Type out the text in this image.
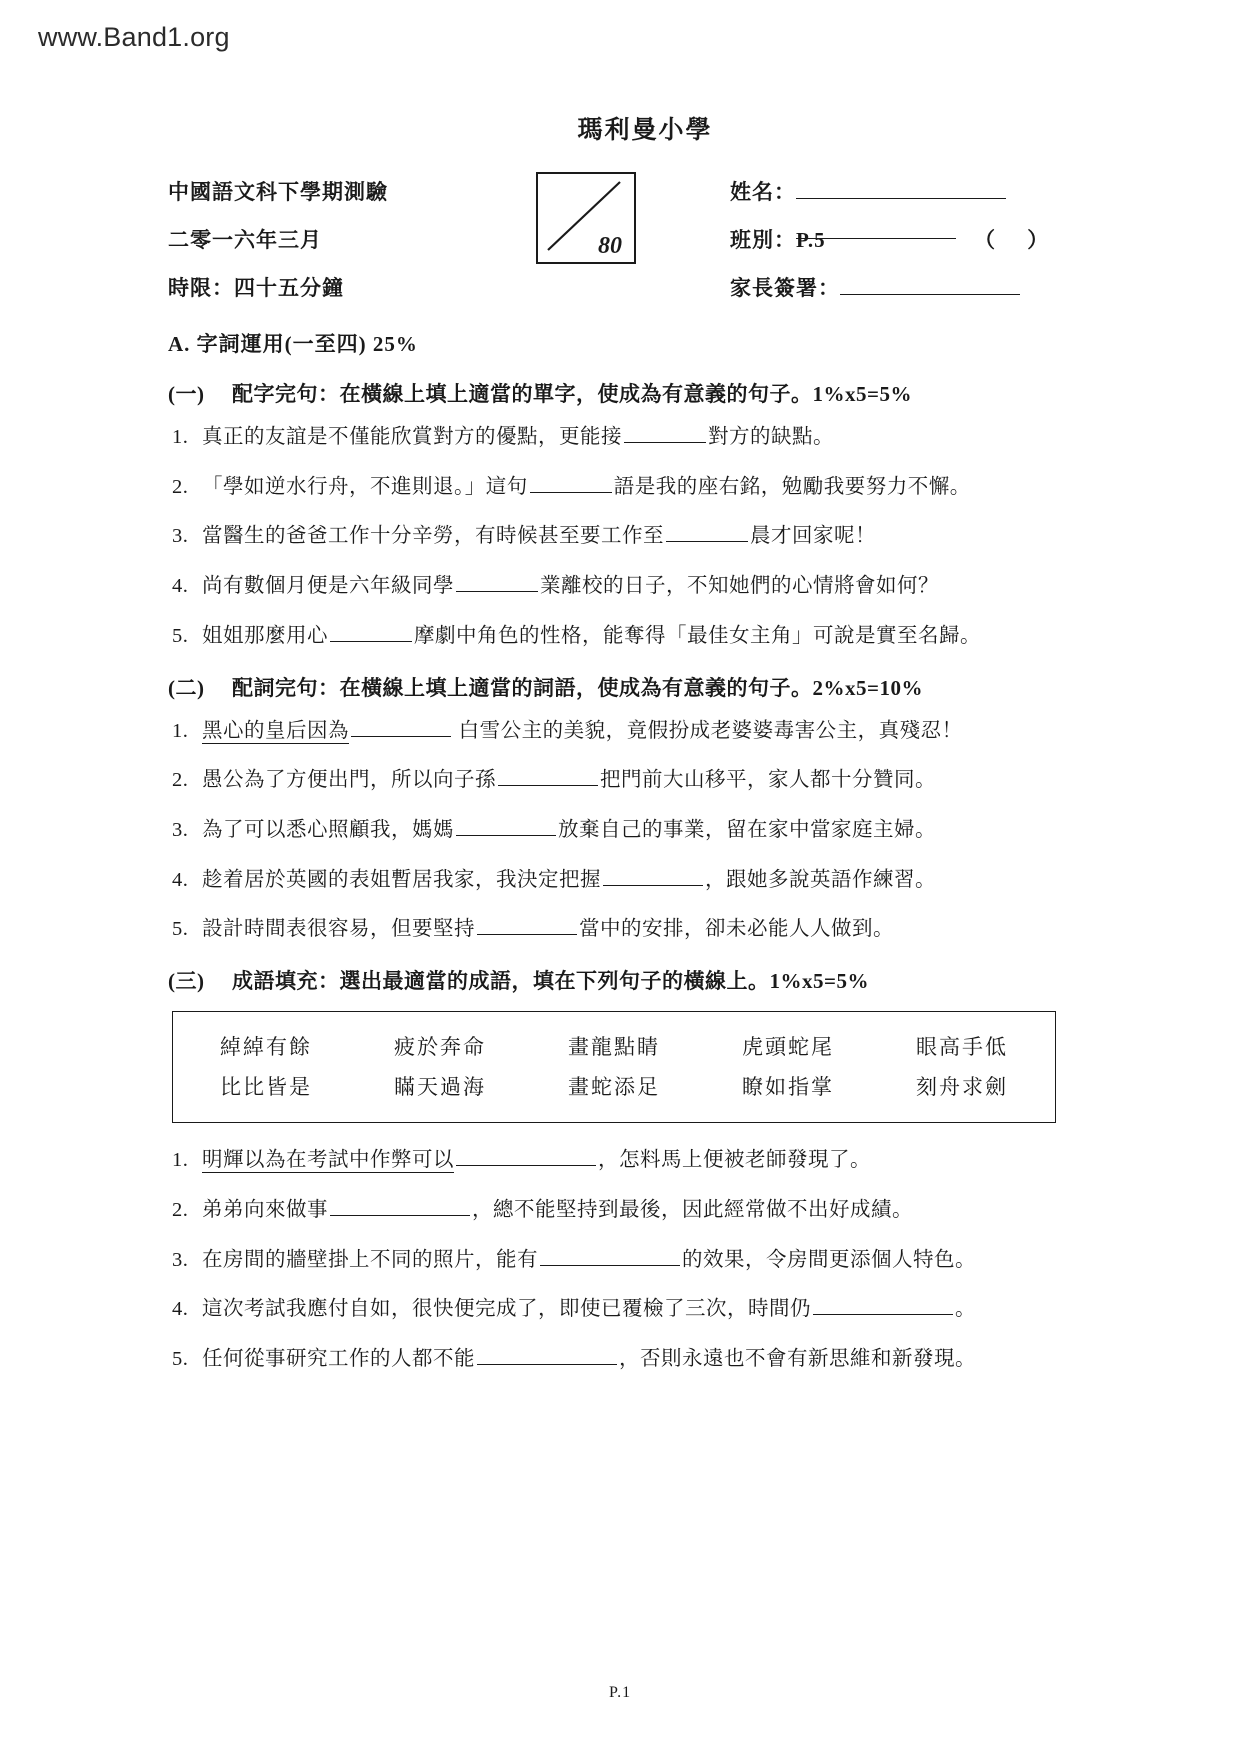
www.Band1.org
瑪利曼小學
中國語文科下學期測驗
二零一六年三月
時限：四十五分鐘
80
姓名：
班別： P.5	（     ）
家長簽署：
A. 字詞運用(一至四) 25%
(一) 配字完句：在橫線上填上適當的單字，使成為有意義的句子。1%x5=5%
1. 真正的友誼是不僅能欣賞對方的優點，更能接	對方的缺點。
2. 「學如逆水行舟，不進則退。」這句	語是我的座右銘，勉勵我要努力不懈。
3. 當醫生的爸爸工作十分辛勞，有時候甚至要工作至	晨才回家呢！
4. 尚有數個月便是六年級同學	業離校的日子，不知她們的心情將會如何？
5. 姐姐那麼用心	摩劇中角色的性格，能奪得「最佳女主角」可說是實至名歸。
(二) 配詞完句：在橫線上填上適當的詞語，使成為有意義的句子。2%x5=10%
1. 黑心的皇后因為	白雪公主的美貌，竟假扮成老婆婆毒害公主，真殘忍！
2. 愚公為了方便出門，所以向子孫	把門前大山移平，家人都十分贊同。
3. 為了可以悉心照顧我，媽媽	放棄自己的事業，留在家中當家庭主婦。
4. 趁着居於英國的表姐暫居我家，我決定把握	，跟她多說英語作練習。
5. 設計時間表很容易，但要堅持	當中的安排，卻未必能人人做到。
(三) 成語填充：選出最適當的成語，填在下列句子的橫線上。1%x5=5%
綽綽有餘	疲於奔命	畫龍點睛	虎頭蛇尾	眼高手低
比比皆是	瞞天過海	畫蛇添足	瞭如指掌	刻舟求劍
1. 明輝以為在考試中作弊可以	，怎料馬上便被老師發現了。
2. 弟弟向來做事	，總不能堅持到最後，因此經常做不出好成績。
3. 在房間的牆壁掛上不同的照片，能有	的效果，令房間更添個人特色。
4. 這次考試我應付自如，很快便完成了，即使已覆檢了三次，時間仍	。
5. 任何從事研究工作的人都不能	，否則永遠也不會有新思維和新發現。
P.1
